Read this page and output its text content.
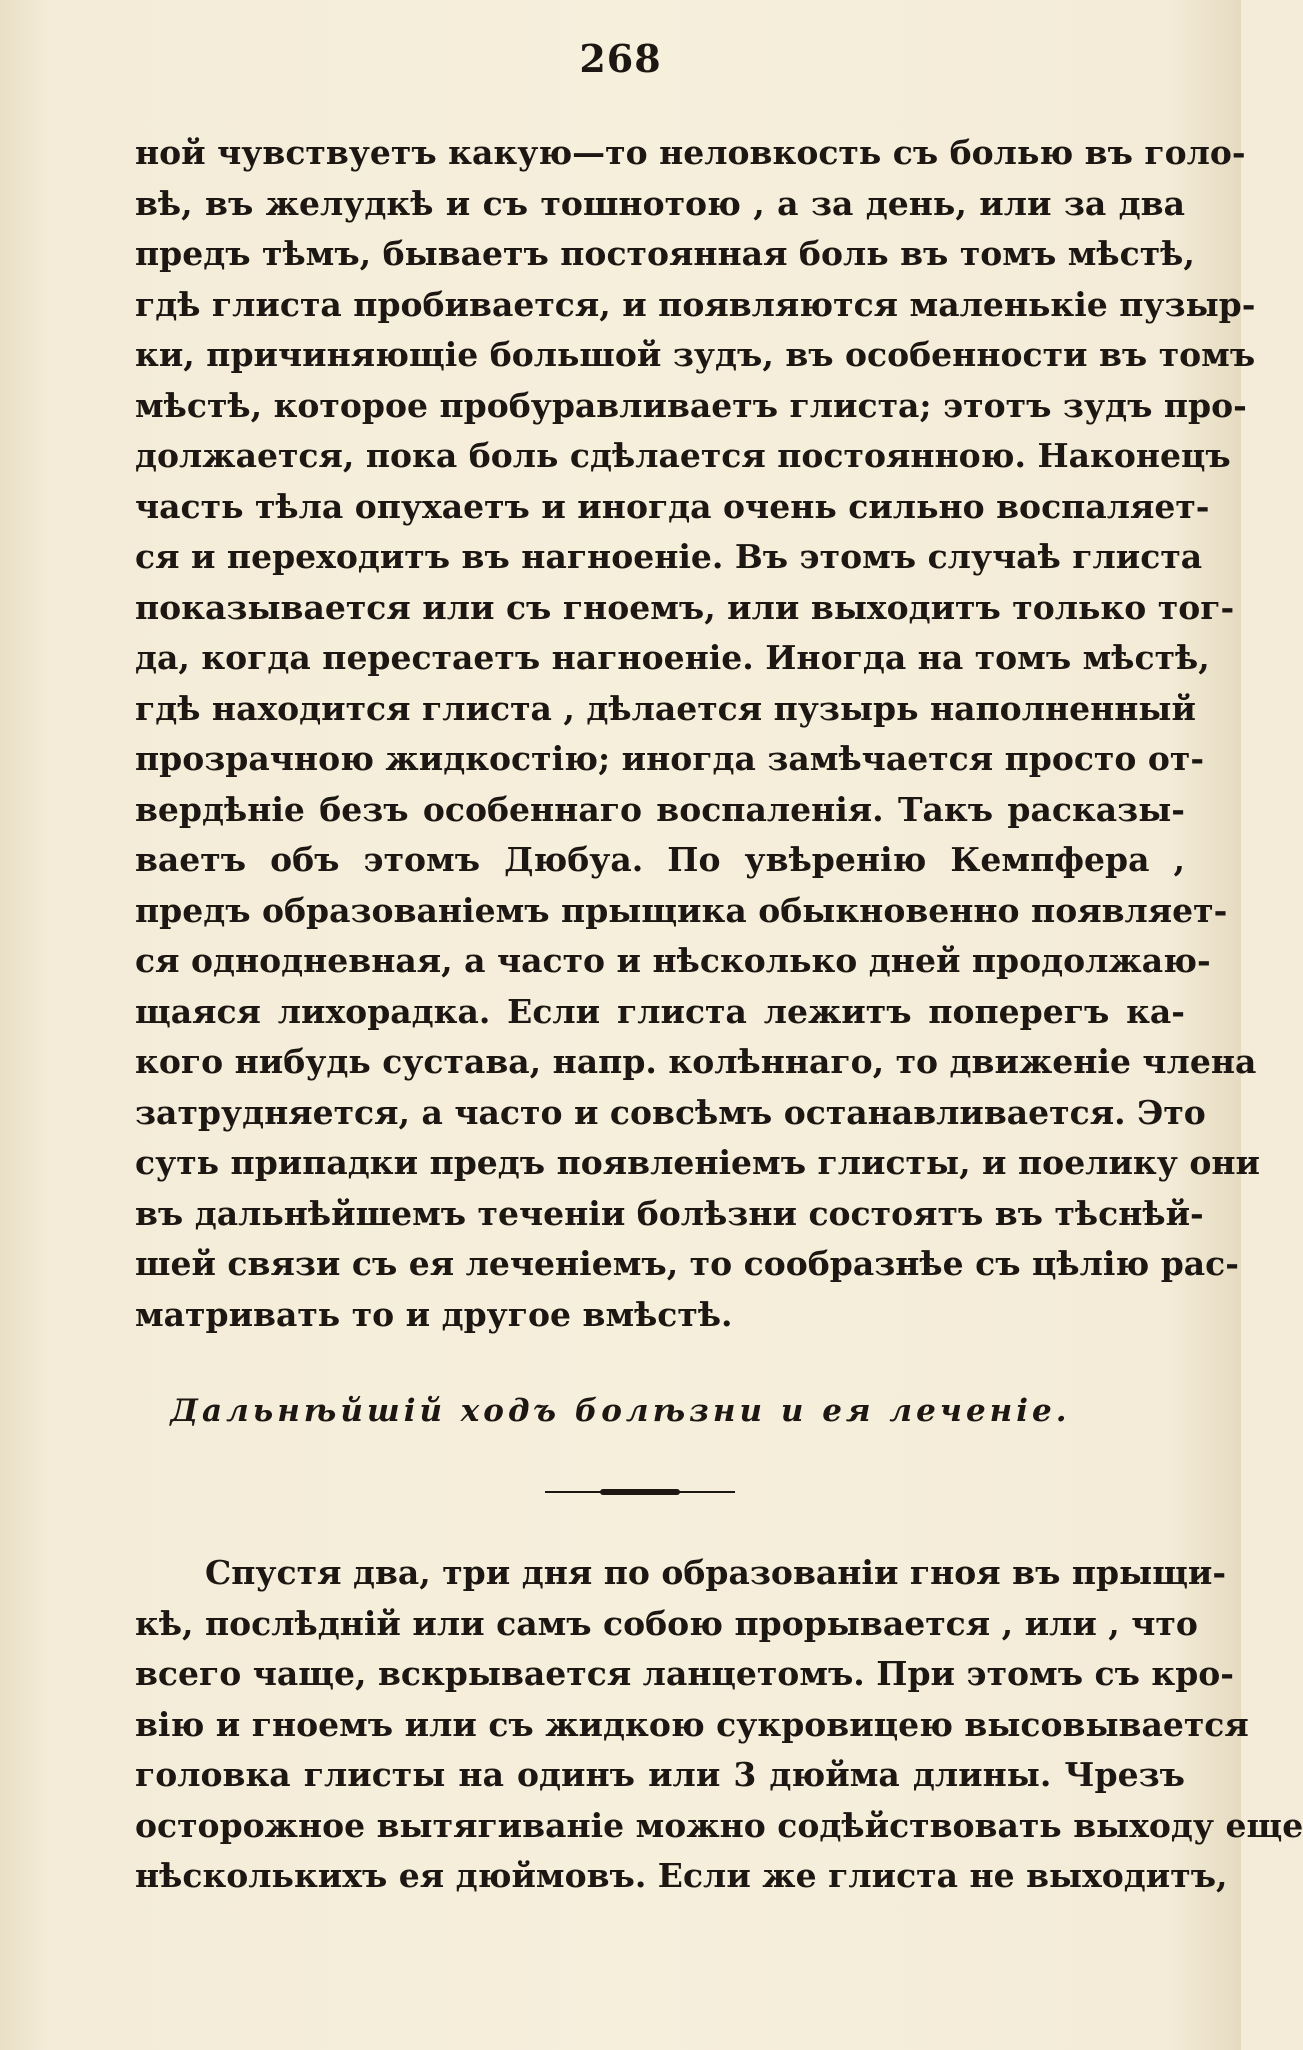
268
ной чувствуетъ какую—то неловкость съ болью въ голо-
вѣ, въ желудкѣ и съ тошнотою , а за день, или за два
предъ тѣмъ, бываетъ постоянная боль въ томъ мѣстѣ,
гдѣ глиста пробивается, и появляются маленькіе пузыр-
ки, причиняющіе большой зудъ, въ особенности въ томъ
мѣстѣ, которое пробуравливаетъ глиста; этотъ зудъ про-
должается, пока боль сдѣлается постоянною. Наконецъ
часть тѣла опухаетъ и иногда очень сильно воспаляет-
ся и переходитъ въ нагноеніе. Въ этомъ случаѣ глиста
показывается или съ гноемъ, или выходитъ только тог-
да, когда перестаетъ нагноеніе. Иногда на томъ мѣстѣ,
гдѣ находится глиста , дѣлается пузырь наполненный
прозрачною жидкостію; иногда замѣчается просто от-
вердѣніе безъ особеннаго воспаленія. Такъ расказы-
ваетъ объ этомъ Дюбуа. По увѣренію Кемпфера ,
предъ образованіемъ прыщика обыкновенно появляет-
ся однодневная, а часто и нѣсколько дней продолжаю-
щаяся лихорадка. Если глиста лежитъ поперегъ ка-
кого нибудь сустава, напр. колѣннаго, то движеніе члена
затрудняется, а часто и совсѣмъ останавливается. Это
суть припадки предъ появленіемъ глисты, и поелику они
въ дальнѣйшемъ теченіи болѣзни состоятъ въ тѣснѣй-
шей связи съ ея леченіемъ, то сообразнѣе съ цѣлію рас-
матривать то и другое вмѣстѣ.
Дальнѣйшій ходъ болѣзни и ея леченіе.
Спустя два, три дня по образованіи гноя въ прыщи-
кѣ, послѣдній или самъ собою прорывается , или , что
всего чаще, вскрывается ланцетомъ. При этомъ съ кро-
вію и гноемъ или съ жидкою сукровицею высовывается
головка глисты на одинъ или 3 дюйма длины. Чрезъ
осторожное вытягиваніе можно содѣйствовать выходу еще
нѣсколькихъ ея дюймовъ. Если же глиста не выходитъ,
